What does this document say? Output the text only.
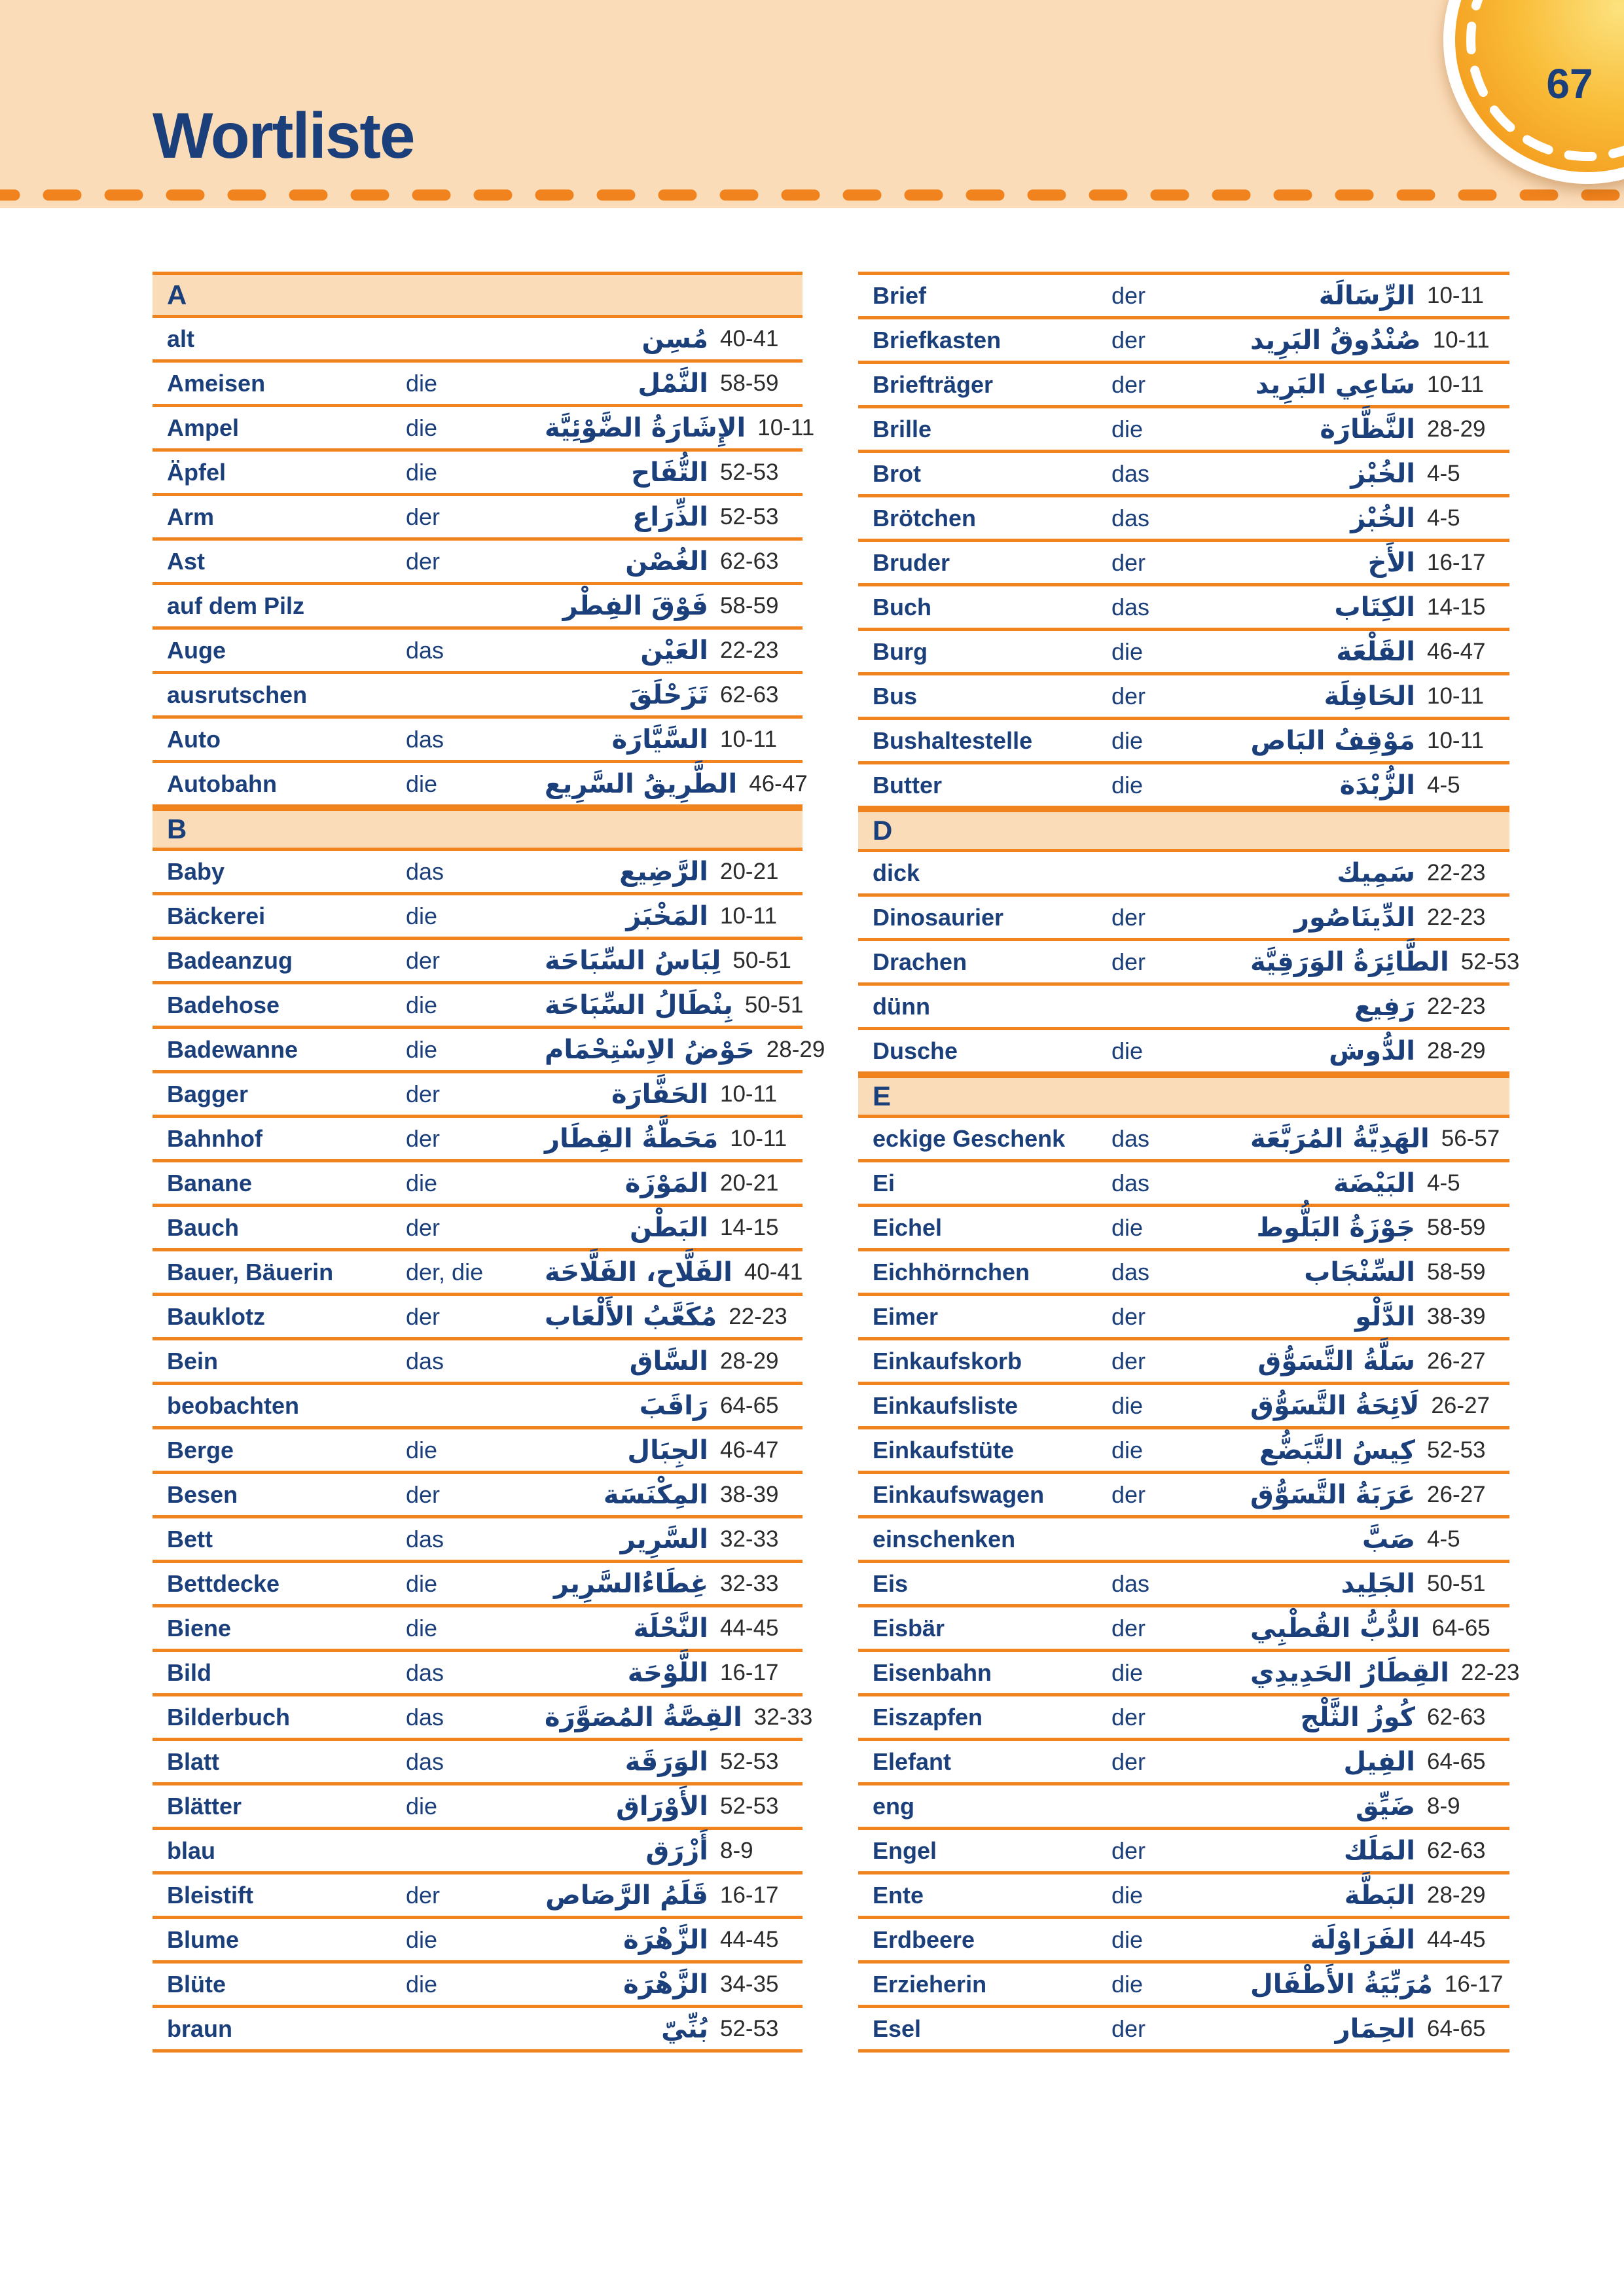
Wortliste
67
A
alt	مُسِن 40-41
Ameisen	die	النَّمْل 58-59
Ampel	die	الإِشَارَةُ الضَّوْئِيَّة 10-11
Äpfel	die	التُّفَاح 52-53
Arm	der	الذِّرَاع 52-53
Ast	der	الغُصْن 62-63
auf dem Pilz	فَوْقَ الفِطْر 58-59
Auge	das	العَيْن 22-23
ausrutschen	تَزَحْلَقَ 62-63
Auto	das	السَّيَّارَة 10-11
Autobahn	die	الطَّرِيقُ السَّرِيع 46-47
B
Baby	das	الرَّضِيع 20-21
Bäckerei	die	المَخْبَز 10-11
Badeanzug	der	لِبَاسُ السِّبَاحَة 50-51
Badehose	die	بِنْطَالُ السِّبَاحَة 50-51
Badewanne	die	حَوْضُ الاِسْتِحْمَام 28-29
Bagger	der	الحَفَّارَة 10-11
Bahnhof	der	مَحَطَّةُ القِطَار 10-11
Banane	die	المَوْزَة 20-21
Bauch	der	البَطْن 14-15
Bauer, Bäuerin	der, die	الفَلَّاح، الفَلَّاحَة 40-41
Bauklotz	der	مُكَعَّبُ الأَلْعَاب 22-23
Bein	das	السَّاق 28-29
beobachten	رَاقَبَ 64-65
Berge	die	الجِبَال 46-47
Besen	der	المِكْنَسَة 38-39
Bett	das	السَّرِير 32-33
Bettdecke	die	غِطَاءُالسَّرِير 32-33
Biene	die	النَّحْلَة 44-45
Bild	das	اللَّوْحَة 16-17
Bilderbuch	das	القِصَّةُ المُصَوَّرَة 32-33
Blatt	das	الوَرَقَة 52-53
Blätter	die	الأَوْرَاق 52-53
blau	أَزْرَق 8-9
Bleistift	der	قَلَمُ الرَّصَاص 16-17
Blume	die	الزَّهْرَة 44-45
Blüte	die	الزَّهْرَة 34-35
braun	بُنِّيّ 52-53
Brief	der	الرِّسَالَة 10-11
Briefkasten	der	صُنْدُوقُ البَرِيد 10-11
Briefträger	der	سَاعِي البَرِيد 10-11
Brille	die	النَّظَّارَة 28-29
Brot	das	الخُبْز 4-5
Brötchen	das	الخُبْز 4-5
Bruder	der	الأَخ 16-17
Buch	das	الكِتَاب 14-15
Burg	die	القَلْعَة 46-47
Bus	der	الحَافِلَة 10-11
Bushaltestelle	die	مَوْقِفُ البَاص 10-11
Butter	die	الزُّبْدَة 4-5
D
dick	سَمِيك 22-23
Dinosaurier	der	الدِّينَاصُور 22-23
Drachen	der	الطَّائِرَةُ الوَرَقِيَّة 52-53
dünn	رَفِيع 22-23
Dusche	die	الدُّوش 28-29
E
eckige Geschenk	das	الهَدِيَّةُ المُرَبَّعَة 56-57
Ei	das	البَيْضَة 4-5
Eichel	die	جَوْزَةُ البَلُّوط 58-59
Eichhörnchen	das	السِّنْجَاب 58-59
Eimer	der	الدَّلْو 38-39
Einkaufskorb	der	سَلَّةُ التَّسَوُّق 26-27
Einkaufsliste	die	لَائِحَةُ التَّسَوُّق 26-27
Einkaufstüte	die	كِيسُ التَّبَضُّع 52-53
Einkaufswagen	der	عَرَبَةُ التَّسَوُّق 26-27
einschenken	صَبَّ 4-5
Eis	das	الجَلِيد 50-51
Eisbär	der	الدُّبُّ القُطْبِي 64-65
Eisenbahn	die	القِطَارُ الحَدِيدِي 22-23
Eiszapfen	der	كُوزُ الثَّلْج 62-63
Elefant	der	الفِيل 64-65
eng	ضَيِّق 8-9
Engel	der	المَلَك 62-63
Ente	die	البَطَّة 28-29
Erdbeere	die	الفَرَاوْلَة 44-45
Erzieherin	die	مُرَبِّيَةُ الأَطْفَال 16-17
Esel	der	الحِمَار 64-65
